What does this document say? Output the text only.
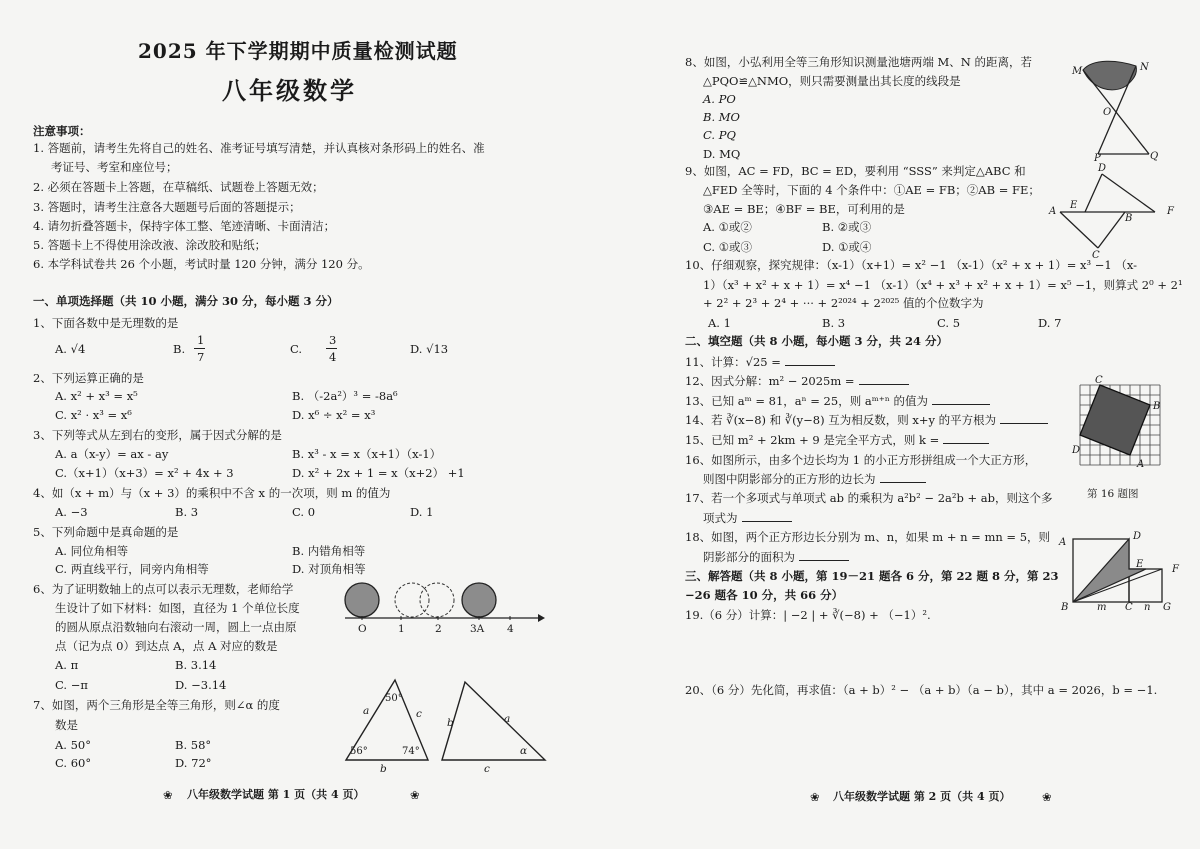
2025 年下学期期中质量检测试题
八年级数学
注意事项：
1. 答题前，请考生先将自己的姓名、准考证号填写清楚，并认真核对条形码上的姓名、准
考证号、考室和座位号；
2. 必须在答题卡上答题，在草稿纸、试题卷上答题无效；
3. 答题时，请考生注意各大题题号后面的答题提示；
4. 请勿折叠答题卡，保持字体工整、笔迹清晰、卡面清洁；
5. 答题卡上不得使用涂改液、涂改胶和贴纸；
6. 本学科试卷共 26 个小题，考试时量 120 分钟，满分 120 分。
一、单项选择题（共 10 小题，满分 30 分，每小题 3 分）
1、下面各数中是无理数的是
A. √4	B.
1
7
C.
3
4
D. √13
2、下列运算正确的是
A. x² + x³ = x⁵	B. （-2a²）³ = -8a⁶
C. x² · x³ = x⁶	D. x⁶ ÷ x² = x³
3、下列等式从左到右的变形，属于因式分解的是
A. a（x-y）= ax - ay	B. x³ - x = x（x+1）（x-1）
C.（x+1）（x+3）= x² + 4x + 3	D. x² + 2x + 1 = x（x+2） +1
4、如（x + m）与（x + 3）的乘积中不含 x 的一次项，则 m 的值为
A. −3	B. 3	C. 0	D. 1
5、下列命题中是真命题的是
A. 同位角相等	B. 内错角相等
C. 两直线平行，同旁内角相等	D. 对顶角相等
6、为了证明数轴上的点可以表示无理数，老师给学
生设计了如下材料：如图，直径为 1 个单位长度
的圆从原点沿数轴向右滚动一周，圆上一点由原
点（记为点 0）到达点 A，点 A 对应的数是
A. π	B. 3.14
C. −π	D. −3.14
O	1	2	3A 4
7、如图，两个三角形是全等三角形，则∠α 的度
数是
A. 50°	B. 58°
C. 60°	D. 72°
50°
56°	74°
a	c
b
b	a
α
c
❀ 八年级数学试题 第 1 页（共 4 页）	❀
8、如图，小弘利用全等三角形知识测量池塘两端 M、N 的距离，若
△PQO≌△NMO，则只需要测量出其长度的线段是
A. PO
B. MO
C. PQ
D. MQ
M	N
O
P	Q
9、如图，AC = FD，BC = ED，要利用 “SSS” 来判定△ABC 和
△FED 全等时，下面的 4 个条件中：①AE = FB；②AB = FE；
③AE = BE；④BF = BE，可利用的是
A. ①或②	B. ②或③
C. ①或③	D. ①或④
A
E
B
F
D
C
10、仔细观察，探究规律：（x-1）（x+1）= x² −1 （x-1）（x² + x + 1）= x³ −1 （x-
1）（x³ + x² + x + 1）= x⁴ −1 （x-1）（x⁴ + x³ + x² + x + 1）= x⁵ −1，则算式 2⁰ + 2¹
+ 2² + 2³ + 2⁴ + ··· + 2²⁰²⁴ + 2²⁰²⁵ 值的个位数字为
A. 1	B. 3	C. 5	D. 7
二、填空题（共 8 小题，每小题 3 分，共 24 分）
11、计算：√25 =
12、因式分解：m² − 2025m =
13、已知 aᵐ = 81，aⁿ = 25，则 aᵐ⁺ⁿ 的值为
14、若 ∛(x−8) 和 ∛(y−8) 互为相反数，则 x+y 的平方根为
15、已知 m² + 2km + 9 是完全平方式，则 k =
16、如图所示，由多个边长均为 1 的小正方形拼组成一个大正方形，
则图中阴影部分的正方形的边长为
17、若一个多项式与单项式 ab 的乘积为 a²b² − 2a²b + ab，则这个多
项式为
18、如图，两个正方形边长分别为 m、n，如果 m + n = mn = 5，则
阴影部分的面积为
C
B
D
A
第 16 题图
A
D
E	F
B	m C n G
三、解答题（共 8 小题，第 19－21 题各 6 分，第 22 题 8 分，第 23
−26 题各 10 分，共 66 分）
19.（6 分）计算：| −2 | + ∛(−8) + （−1）².
20、（6 分）先化简，再求值：（a + b）² − （a + b）（a − b），其中 a = 2026，b = −1.
❀ 八年级数学试题 第 2 页（共 4 页）	❀
